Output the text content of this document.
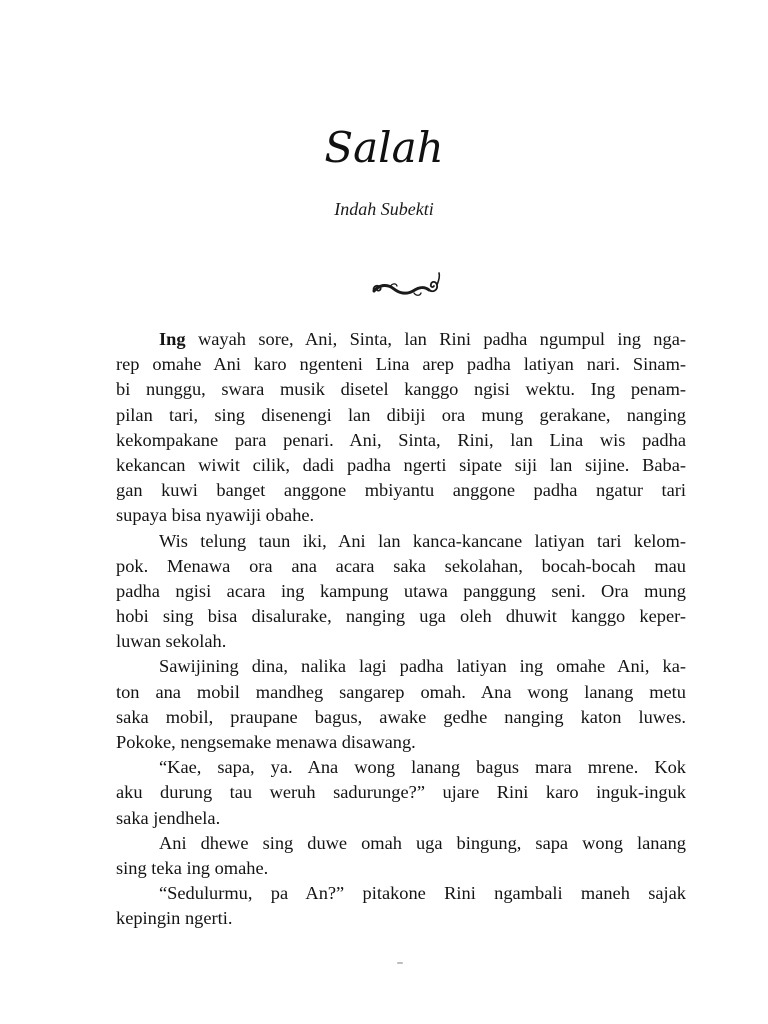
Salah
Indah Subekti
Ing wayah sore, Ani, Sinta, lan Rini padha ngumpul ing nga-
rep omahe Ani karo ngenteni Lina arep padha latiyan nari. Sinam-
bi nunggu, swara musik disetel kanggo ngisi wektu. Ing penam-
pilan tari, sing disenengi lan dibiji ora mung gerakane, nanging
kekompakane para penari. Ani, Sinta, Rini, lan Lina wis padha
kekancan wiwit cilik, dadi padha ngerti sipate siji lan sijine. Baba-
gan kuwi banget anggone mbiyantu anggone padha ngatur tari
supaya bisa nyawiji obahe.
Wis telung taun iki, Ani lan kanca-kancane latiyan tari kelom-
pok. Menawa ora ana acara saka sekolahan, bocah-bocah mau
padha ngisi acara ing kampung utawa panggung seni. Ora mung
hobi sing bisa disalurake, nanging uga oleh dhuwit kanggo keper-
luwan sekolah.
Sawijining dina, nalika lagi padha latiyan ing omahe Ani, ka-
ton ana mobil mandheg sangarep omah. Ana wong lanang metu
saka mobil, praupane bagus, awake gedhe nanging katon luwes.
Pokoke, nengsemake menawa disawang.
“Kae, sapa, ya. Ana wong lanang bagus mara mrene. Kok
aku durung tau weruh sadurunge?” ujare Rini karo inguk-inguk
saka jendhela.
Ani dhewe sing duwe omah uga bingung, sapa wong lanang
sing teka ing omahe.
“Sedulurmu, pa An?” pitakone Rini ngambali maneh sajak
kepingin ngerti.
